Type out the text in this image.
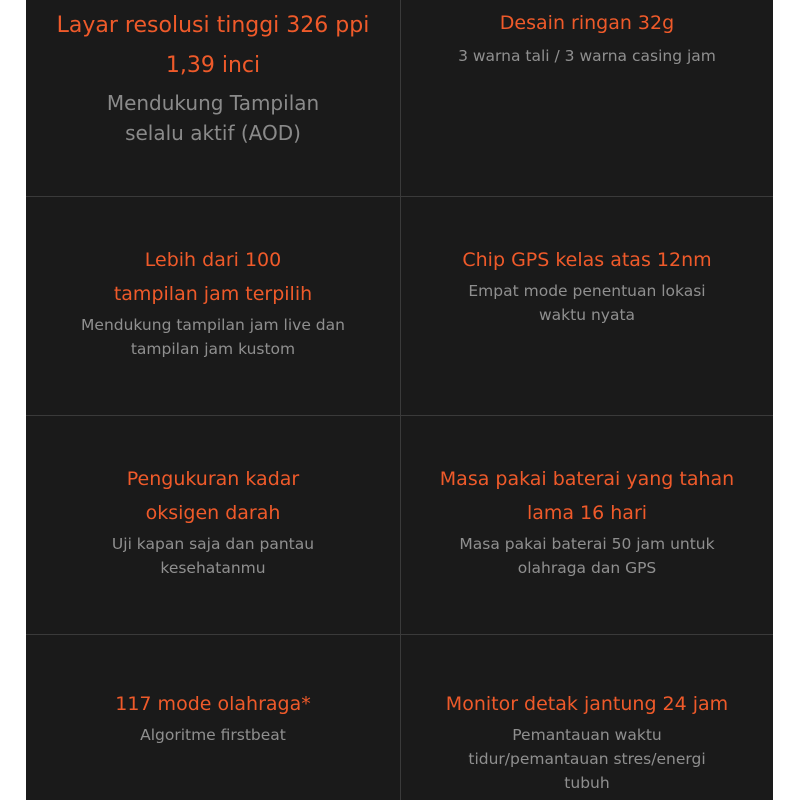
Layar resolusi tinggi 326 ppi 1,39 inci

Mendukung Tampilan selalu aktif (AOD)

Desain ringan 32g

3 warna tali / 3 warna casing jam

Lebih dari 100 tampilan jam terpilih

Mendukung tampilan jam live dan tampilan jam kustom

Chip GPS kelas atas 12nm

Empat mode penentuan lokasi waktu nyata

Pengukuran kadar oksigen darah

Uji kapan saja dan pantau kesehatanmu

Masa pakai baterai yang tahan lama 16 hari

Masa pakai baterai 50 jam untuk olahraga dan GPS

117 mode olahraga*

Algoritme firstbeat

Monitor detak jantung 24 jam

Pemantauan waktu tidur/pemantauan stres/energi tubuh
